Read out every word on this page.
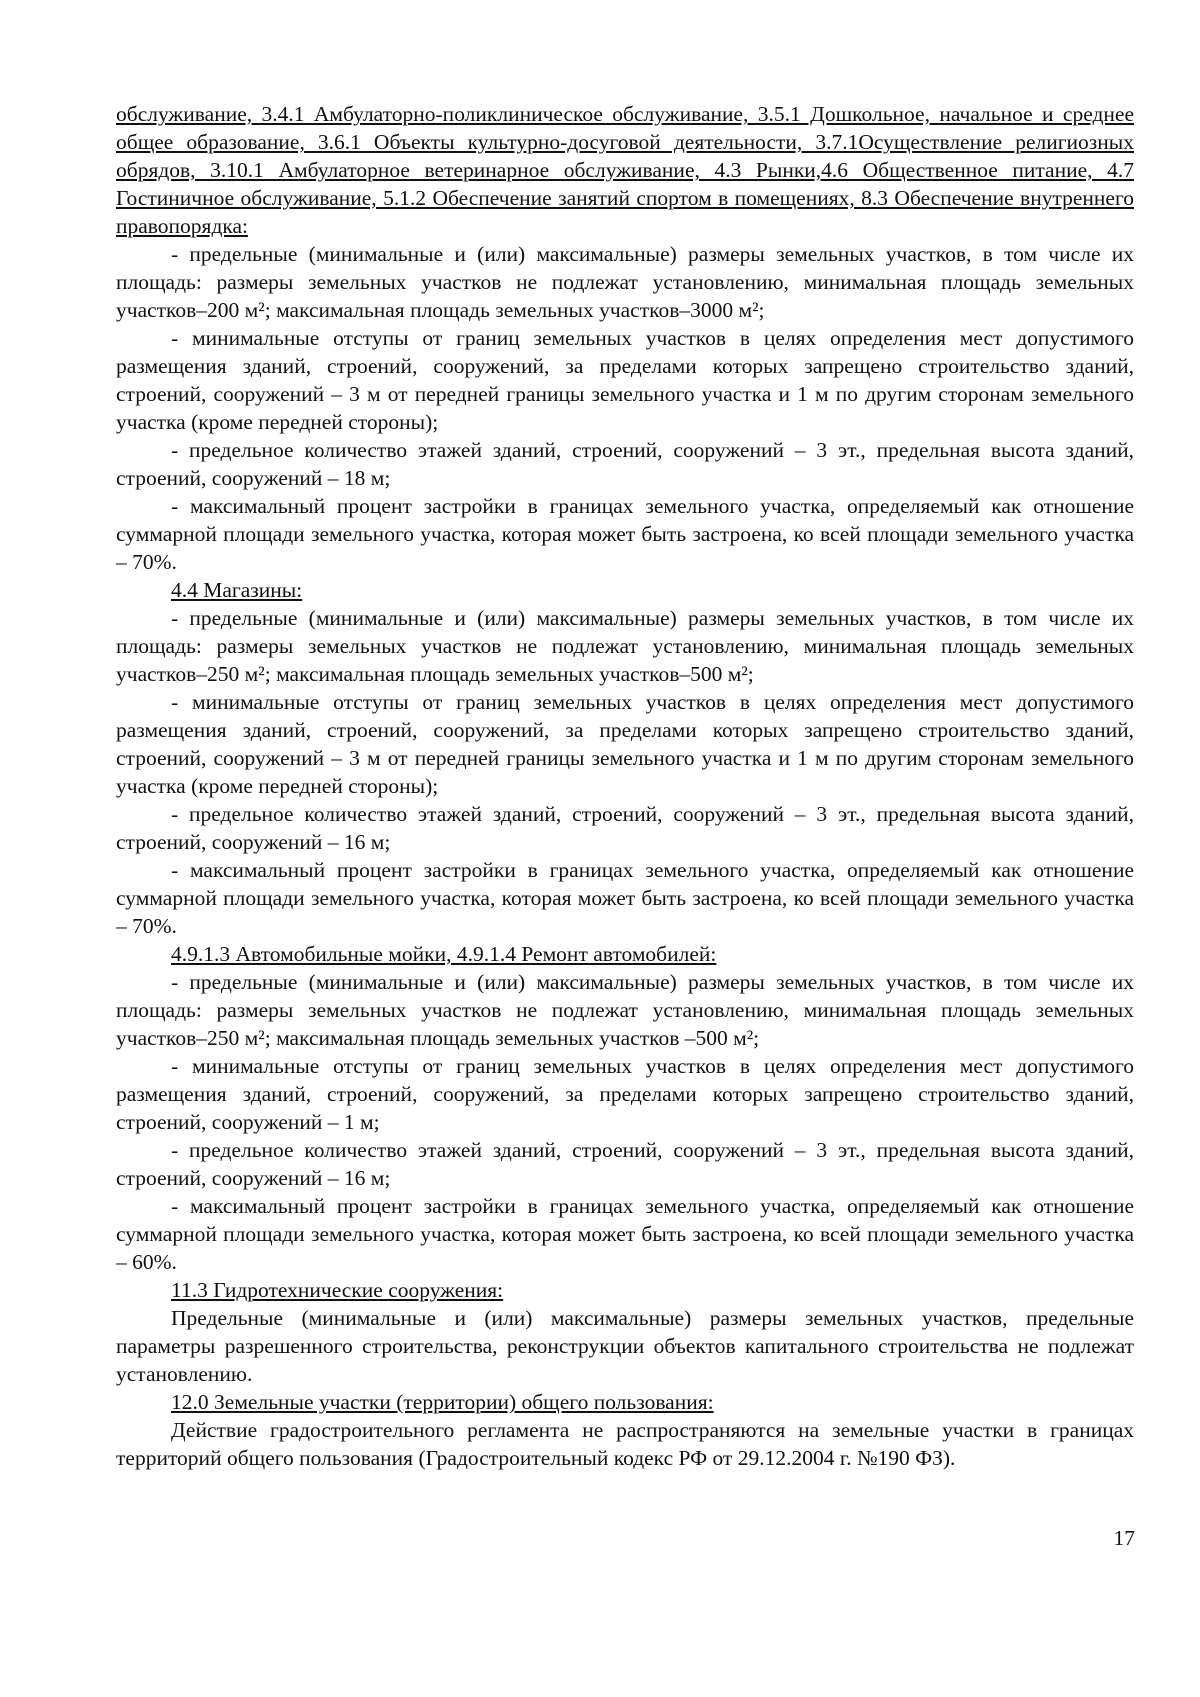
обслуживание, 3.4.1 Амбулаторно-поликлиническое обслуживание, 3.5.1 Дошкольное, начальное и среднее общее образование, 3.6.1 Объекты культурно-досуговой деятельности, 3.7.1Осуществление религиозных обрядов, 3.10.1 Амбулаторное ветеринарное обслуживание, 4.3 Рынки,4.6 Общественное питание, 4.7 Гостиничное обслуживание, 5.1.2 Обеспечение занятий спортом в помещениях, 8.3 Обеспечение внутреннего правопорядка:

- предельные (минимальные и (или) максимальные) размеры земельных участков, в том числе их площадь: размеры земельных участков не подлежат установлению, минимальная площадь земельных участков–200 м²; максимальная площадь земельных участков–3000 м²;

- минимальные отступы от границ земельных участков в целях определения мест допустимого размещения зданий, строений, сооружений, за пределами которых запрещено строительство зданий, строений, сооружений – 3 м от передней границы земельного участка и 1 м по другим сторонам земельного участка (кроме передней стороны);

- предельное количество этажей зданий, строений, сооружений – 3 эт., предельная высота зданий, строений, сооружений – 18 м;

- максимальный процент застройки в границах земельного участка, определяемый как отношение суммарной площади земельного участка, которая может быть застроена, ко всей площади земельного участка – 70%.

4.4 Магазины:

- предельные (минимальные и (или) максимальные) размеры земельных участков, в том числе их площадь: размеры земельных участков не подлежат установлению, минимальная площадь земельных участков–250 м²; максимальная площадь земельных участков–500 м²;

- минимальные отступы от границ земельных участков в целях определения мест допустимого размещения зданий, строений, сооружений, за пределами которых запрещено строительство зданий, строений, сооружений – 3 м от передней границы земельного участка и 1 м по другим сторонам земельного участка (кроме передней стороны);

- предельное количество этажей зданий, строений, сооружений – 3 эт., предельная высота зданий, строений, сооружений – 16 м;

- максимальный процент застройки в границах земельного участка, определяемый как отношение суммарной площади земельного участка, которая может быть застроена, ко всей площади земельного участка – 70%.

4.9.1.3 Автомобильные мойки, 4.9.1.4 Ремонт автомобилей:

- предельные (минимальные и (или) максимальные) размеры земельных участков, в том числе их площадь: размеры земельных участков не подлежат установлению, минимальная площадь земельных участков–250 м²; максимальная площадь земельных участков –500 м²;

- минимальные отступы от границ земельных участков в целях определения мест допустимого размещения зданий, строений, сооружений, за пределами которых запрещено строительство зданий, строений, сооружений – 1 м;

- предельное количество этажей зданий, строений, сооружений – 3 эт., предельная высота зданий, строений, сооружений – 16 м;

- максимальный процент застройки в границах земельного участка, определяемый как отношение суммарной площади земельного участка, которая может быть застроена, ко всей площади земельного участка – 60%.

11.3 Гидротехнические сооружения:

Предельные (минимальные и (или) максимальные) размеры земельных участков, предельные параметры разрешенного строительства, реконструкции объектов капитального строительства не подлежат установлению.

12.0 Земельные участки (территории) общего пользования:

Действие градостроительного регламента не распространяются на земельные участки в границах территорий общего пользования (Градостроительный кодекс РФ от 29.12.2004 г. №190 ФЗ).

17
